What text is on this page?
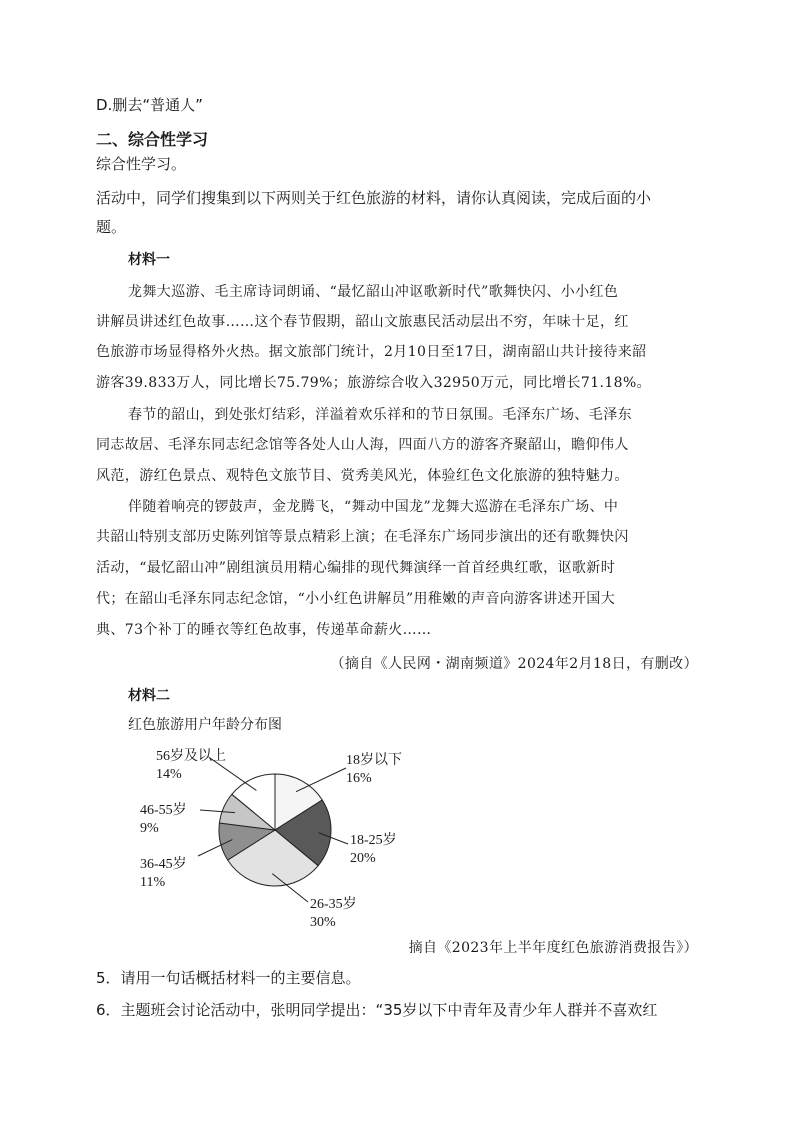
D.删去“普通人”
二、综合性学习
综合性学习。
活动中，同学们搜集到以下两则关于红色旅游的材料，请你认真阅读，完成后面的小
题。
材料一
龙舞大巡游、毛主席诗词朗诵、“最忆韶山冲讴歌新时代”歌舞快闪、小小红色
讲解员讲述红色故事……这个春节假期，韶山文旅惠民活动层出不穷，年味十足，红
色旅游市场显得格外火热。据文旅部门统计，2月10日至17日，湖南韶山共计接待来韶
游客39.833万人，同比增长75.79%；旅游综合收入32950万元，同比增长71.18%。
春节的韶山，到处张灯结彩，洋溢着欢乐祥和的节日氛围。毛泽东广场、毛泽东
同志故居、毛泽东同志纪念馆等各处人山人海，四面八方的游客齐聚韶山，瞻仰伟人
风范，游红色景点、观特色文旅节目、赏秀美风光，体验红色文化旅游的独特魅力。
伴随着响亮的锣鼓声，金龙腾飞，“舞动中国龙”龙舞大巡游在毛泽东广场、中
共韶山特别支部历史陈列馆等景点精彩上演；在毛泽东广场同步演出的还有歌舞快闪
活动，“最忆韶山冲”剧组演员用精心编排的现代舞演绎一首首经典红歌，讴歌新时
代；在韶山毛泽东同志纪念馆，“小小红色讲解员”用稚嫩的声音向游客讲述开国大
典、73个补丁的睡衣等红色故事，传递革命薪火……
（摘自《人民网・湖南频道》2024年2月18日，有删改）
材料二
红色旅游用户年龄分布图
18岁以下
16%
18-25岁
20%
26-35岁
30%
36-45岁
11%
46-55岁
9%
56岁及以上
14%
摘自《2023年上半年度红色旅游消费报告》）
5．请用一句话概括材料一的主要信息。
6．主题班会讨论活动中，张明同学提出：“35岁以下中青年及青少年人群并不喜欢红
